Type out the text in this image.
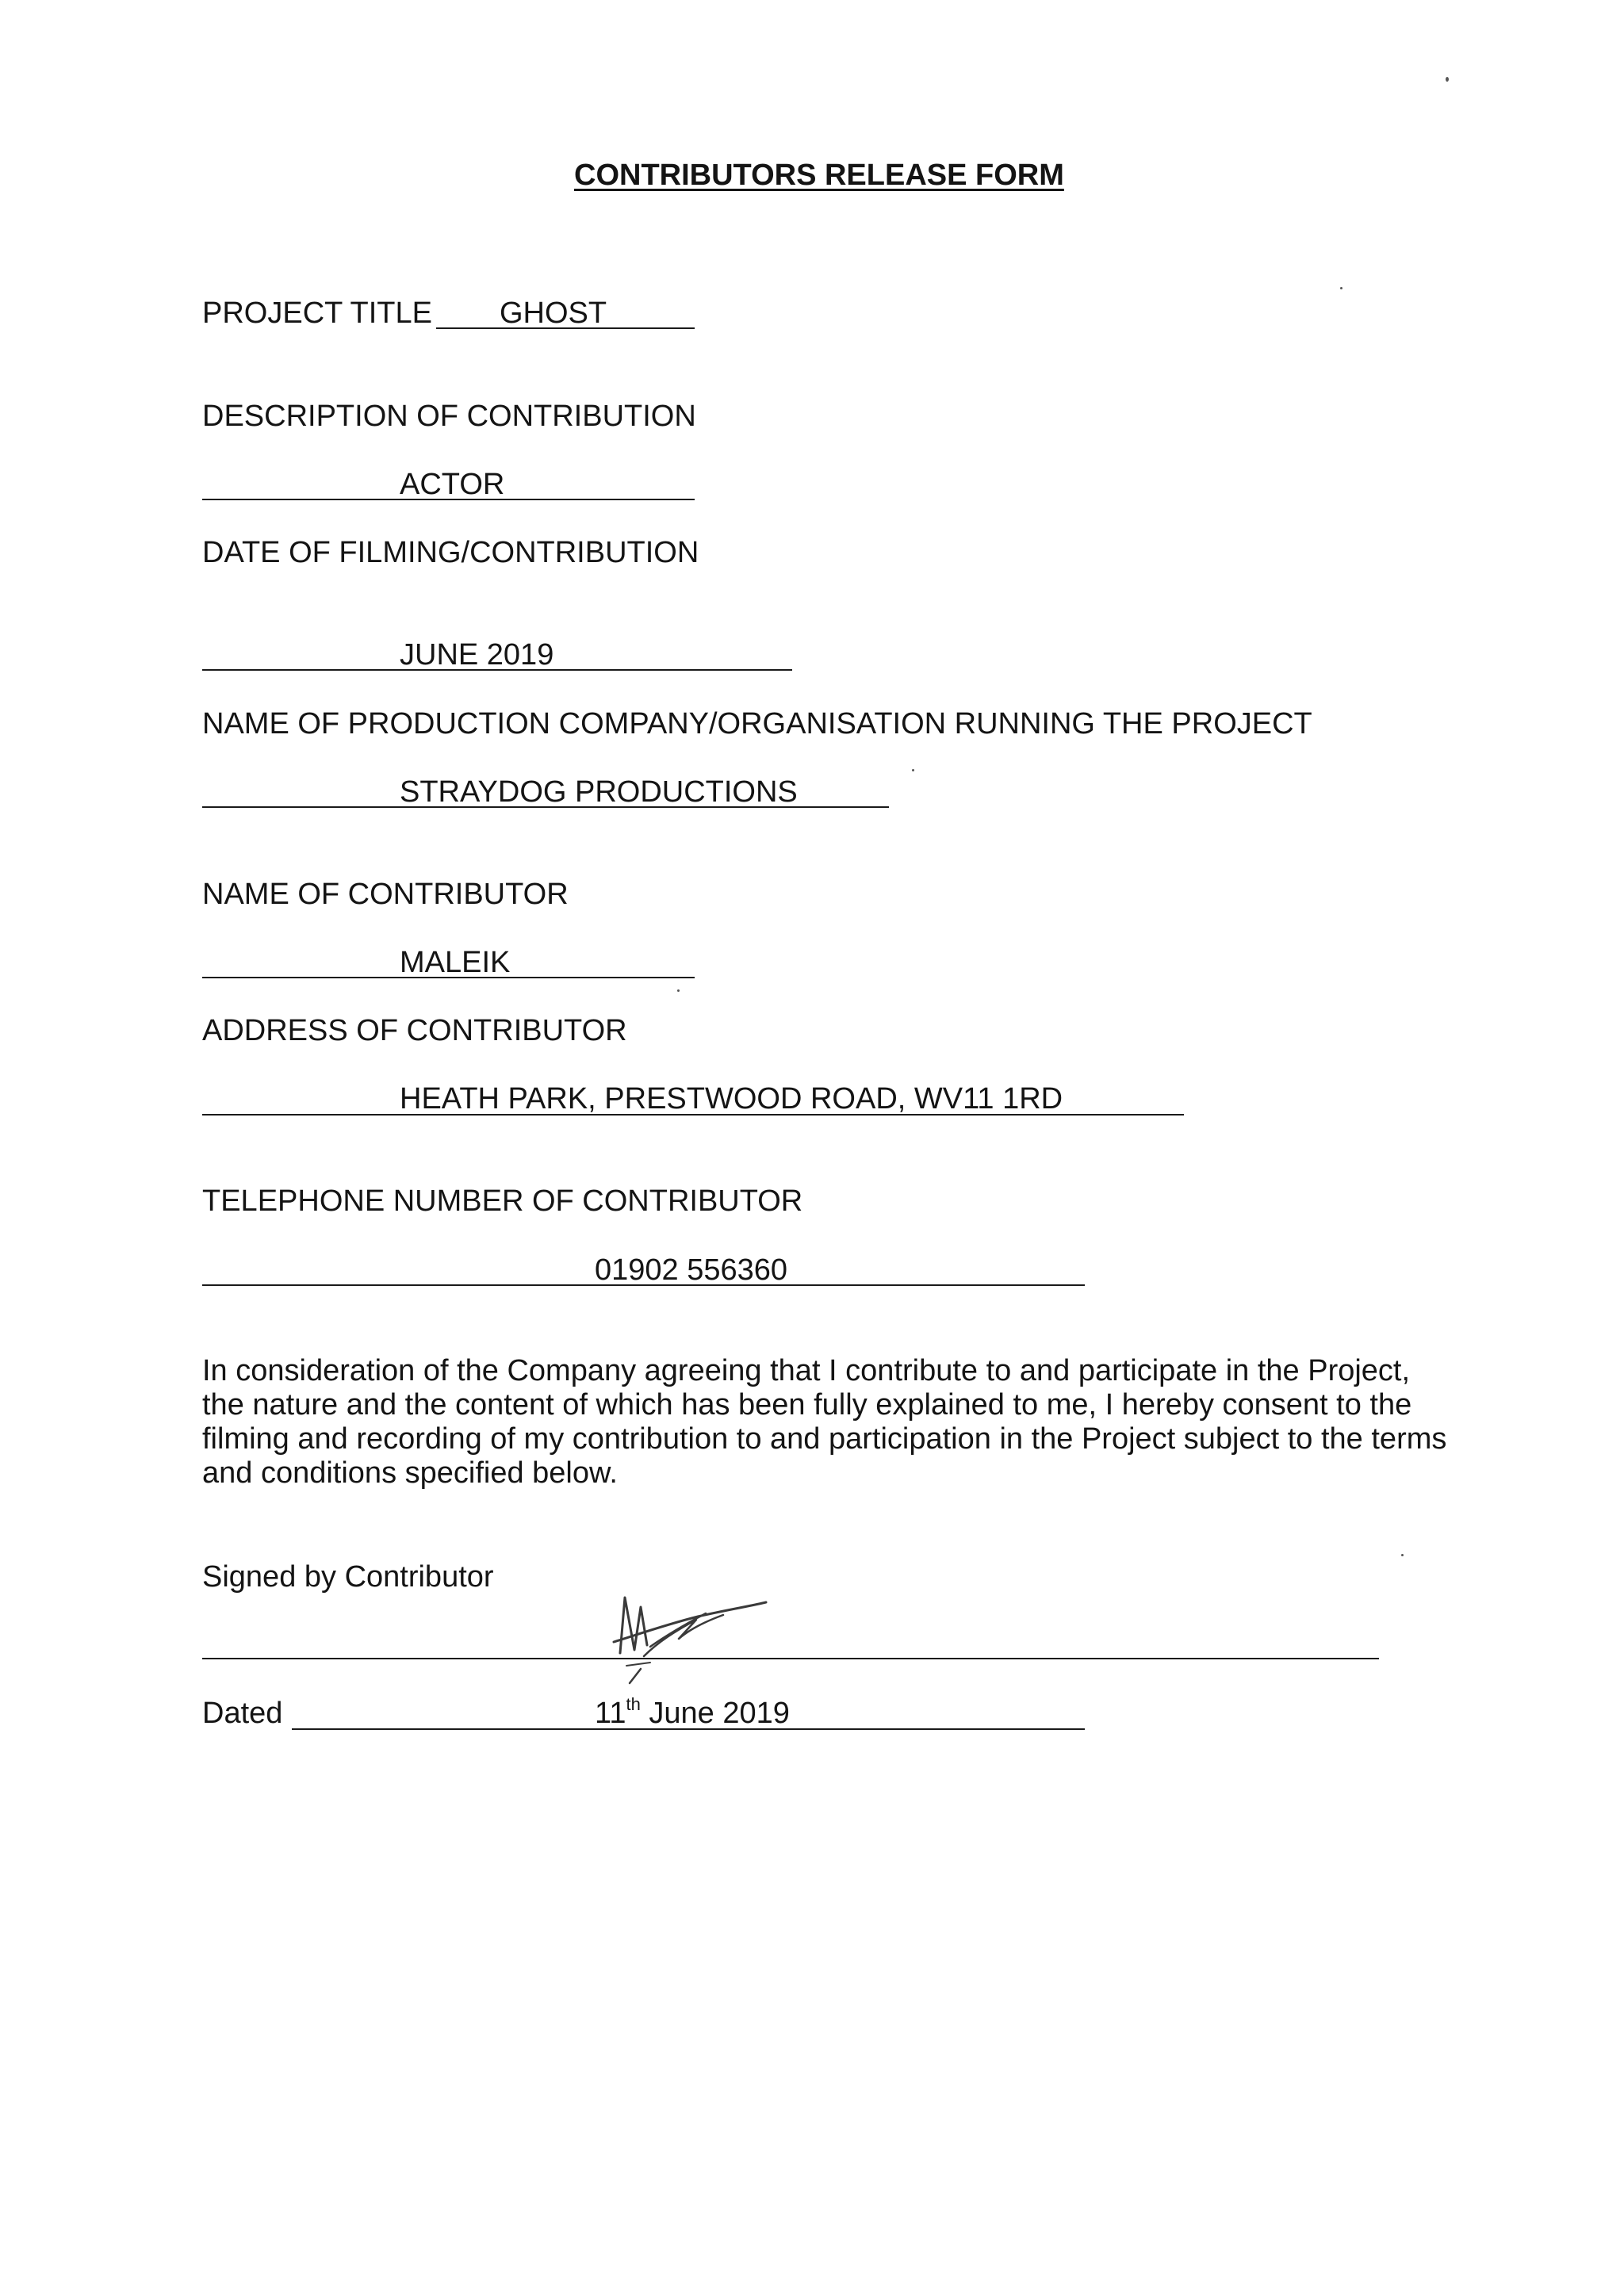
CONTRIBUTORS RELEASE FORM
PROJECT TITLE GHOST
DESCRIPTION OF CONTRIBUTION
ACTOR
DATE OF FILMING/CONTRIBUTION
JUNE 2019
NAME OF PRODUCTION COMPANY/ORGANISATION RUNNING THE PROJECT
STRAYDOG PRODUCTIONS
NAME OF CONTRIBUTOR
MALEIK
ADDRESS OF CONTRIBUTOR
HEATH PARK, PRESTWOOD ROAD, WV11 1RD
TELEPHONE NUMBER OF CONTRIBUTOR
01902 556360
In consideration of the Company agreeing that I contribute to and participate in the Project, the nature and the content of which has been fully explained to me, I hereby consent to the filming and recording of my contribution to and participation in the Project subject to the terms and conditions specified below.
Signed by Contributor
Dated	11th June 2019
